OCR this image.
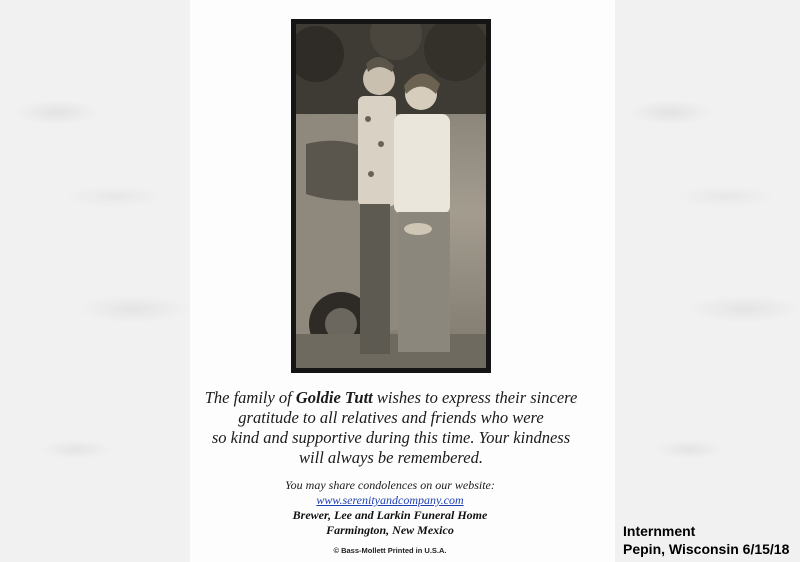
The family of Goldie Tutt wishes to express their sincere
gratitude to all relatives and friends who were
so kind and supportive during this time. Your kindness
will always be remembered.
You may share condolences on our website:
www.serenityandcompany.com
Brewer, Lee and Larkin Funeral Home
Farmington, New Mexico
© Bass-Mollett Printed in U.S.A.
Internment
Pepin, Wisconsin 6/15/18
